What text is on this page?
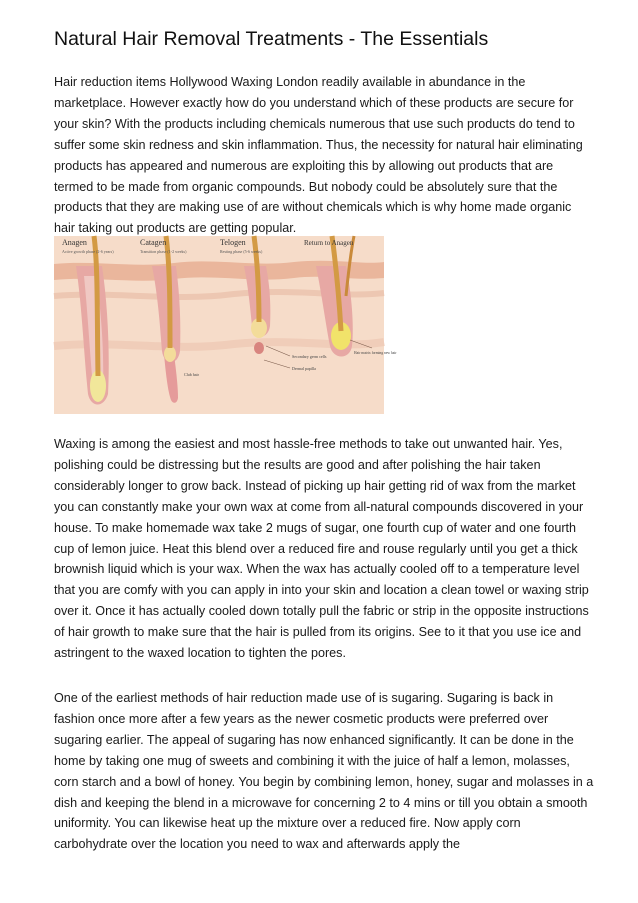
Natural Hair Removal Treatments - The Essentials

Hair reduction items Hollywood Waxing London readily available in abundance in the marketplace. However exactly how do you understand which of these products are secure for your skin? With the products including chemicals numerous that use such products do tend to suffer some skin redness and skin inflammation. Thus, the necessity for natural hair eliminating products has appeared and numerous are exploiting this by allowing out products that are termed to be made from organic compounds. But nobody could be absolutely sure that the products that they are making use of are without chemicals which is why home made organic hair taking out products are getting popular.

Anagen	Catagen	Telogen	Return to Anagen
Active growth phase (2-6 years)	Transition phase (1-2 weeks)	Resting phase (5-6 weeks)
Club hair
Secondary germ cells
Dermal papilla
Hair matrix forming new hair

Waxing is among the easiest and most hassle-free methods to take out unwanted hair. Yes, polishing could be distressing but the results are good and after polishing the hair taken considerably longer to grow back. Instead of picking up hair getting rid of wax from the market you can constantly make your own wax at come from all-natural compounds discovered in your house. To make homemade wax take 2 mugs of sugar, one fourth cup of water and one fourth cup of lemon juice. Heat this blend over a reduced fire and rouse regularly until you get a thick brownish liquid which is your wax. When the wax has actually cooled off to a temperature level that you are comfy with you can apply in into your skin and location a clean towel or waxing strip over it. Once it has actually cooled down totally pull the fabric or strip in the opposite instructions of hair growth to make sure that the hair is pulled from its origins. See to it that you use ice and astringent to the waxed location to tighten the pores.

One of the earliest methods of hair reduction made use of is sugaring. Sugaring is back in fashion once more after a few years as the newer cosmetic products were preferred over sugaring earlier. The appeal of sugaring has now enhanced significantly. It can be done in the home by taking one mug of sweets and combining it with the juice of half a lemon, molasses, corn starch and a bowl of honey. You begin by combining lemon, honey, sugar and molasses in a dish and keeping the blend in a microwave for concerning 2 to 4 mins or till you obtain a smooth uniformity. You can likewise heat up the mixture over a reduced fire. Now apply corn carbohydrate over the location you need to wax and afterwards apply the
